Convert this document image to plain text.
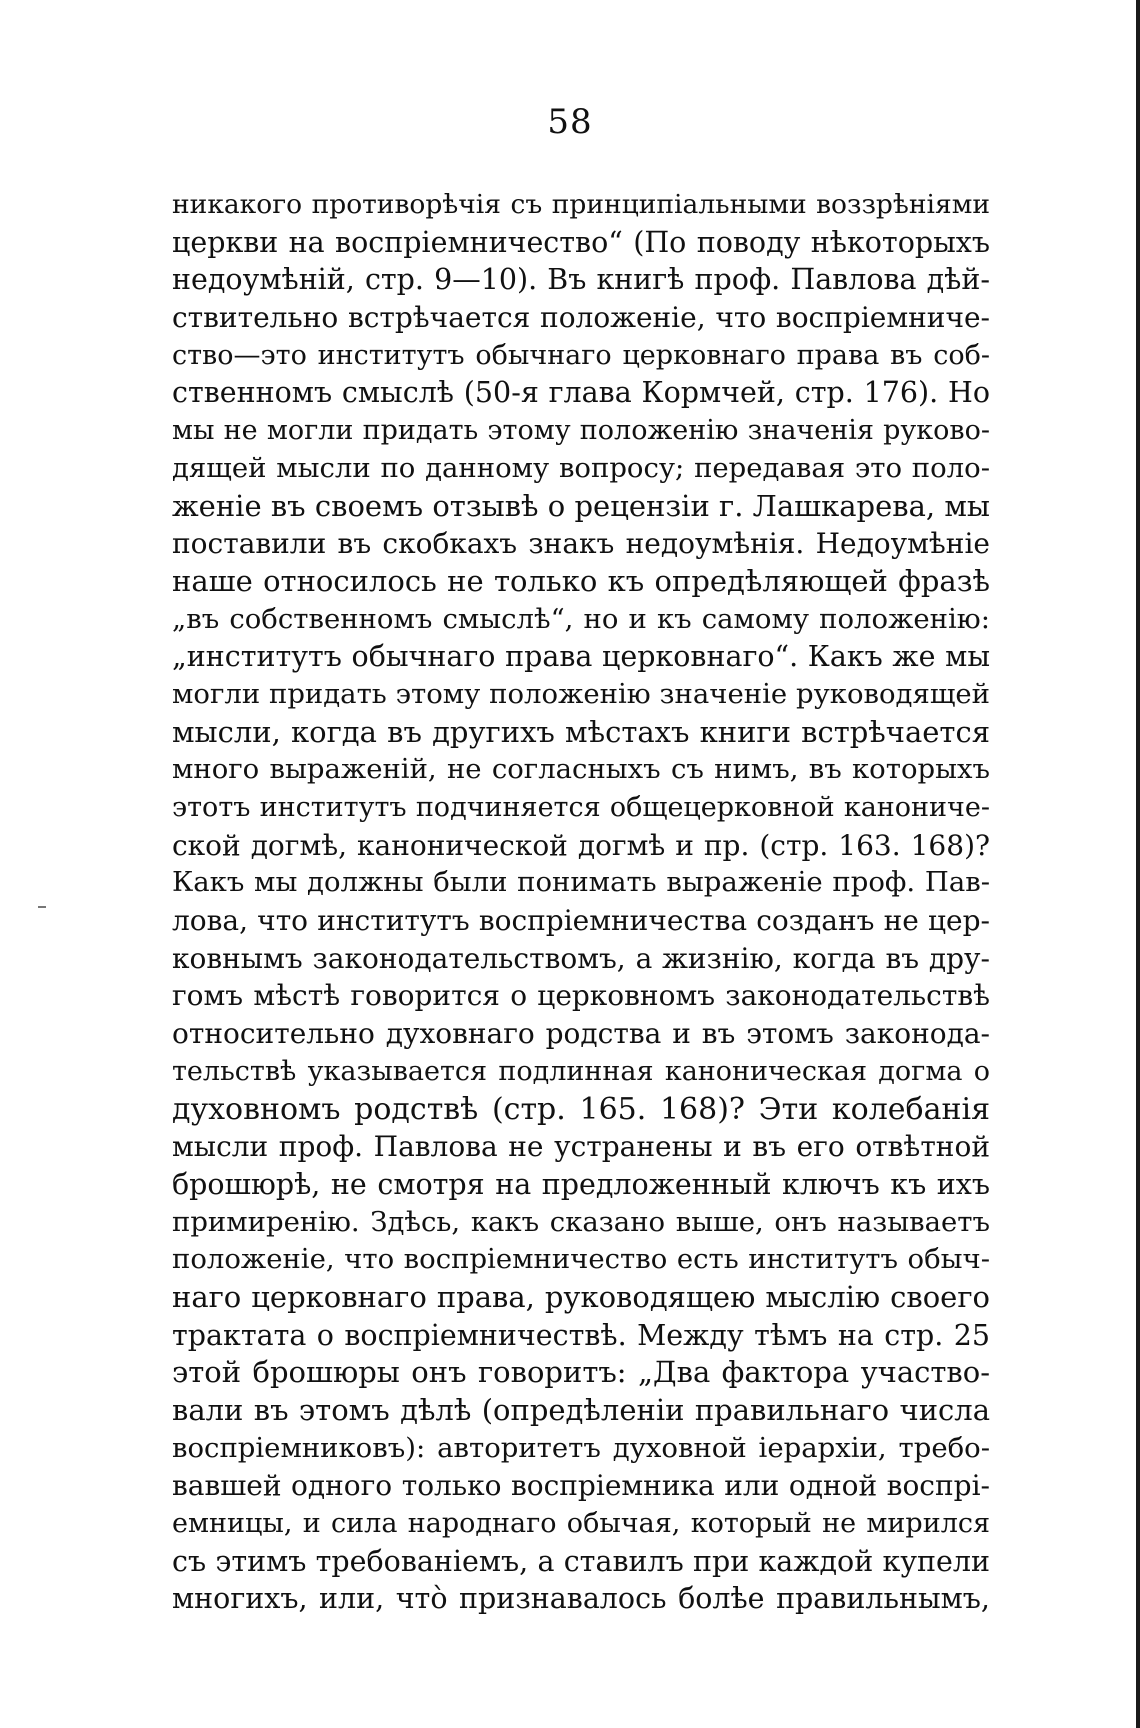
58
никакого противорѣчія съ принципіальными воззрѣніями
церкви на воспріемничество“ (По поводу нѣкоторыхъ
недоумѣній, стр. 9—10). Въ книгѣ проф. Павлова дѣй-
ствительно встрѣчается положеніе, что воспріемниче-
ство—это институтъ обычнаго церковнаго права въ соб-
ственномъ смыслѣ (50-я глава Кормчей, стр. 176). Но
мы не могли придать этому положенію значенія руково-
дящей мысли по данному вопросу; передавая это поло-
женіе въ своемъ отзывѣ о рецензіи г. Лашкарева, мы
поставили въ скобкахъ знакъ недоумѣнія. Недоумѣніе
наше относилось не только къ опредѣляющей фразѣ
„въ собственномъ смыслѣ“, но и къ самому положенію:
„институтъ обычнаго права церковнаго“. Какъ же мы
могли придать этому положенію значеніе руководящей
мысли, когда въ другихъ мѣстахъ книги встрѣчается
много выраженій, не согласныхъ съ нимъ, въ которыхъ
этотъ институтъ подчиняется общецерковной канониче-
ской догмѣ, канонической догмѣ и пр. (стр. 163. 168)?
Какъ мы должны были понимать выраженіе проф. Пав-
лова, что институтъ воспріемничества созданъ не цер-
ковнымъ законодательствомъ, а жизнію, когда въ дру-
гомъ мѣстѣ говорится о церковномъ законодательствѣ
относительно духовнаго родства и въ этомъ законода-
тельствѣ указывается подлинная каноническая догма о
духовномъ родствѣ (стр. 165. 168)? Эти колебанія
мысли проф. Павлова не устранены и въ его отвѣтной
брошюрѣ, не смотря на предложенный ключъ къ ихъ
примиренію. Здѣсь, какъ сказано выше, онъ называетъ
положеніе, что воспріемничество есть институтъ обыч-
наго церковнаго права, руководящею мыслію своего
трактата о воспріемничествѣ. Между тѣмъ на стр. 25
этой брошюры онъ говоритъ: „Два фактора участво-
вали въ этомъ дѣлѣ (опредѣленіи правильнаго числа
воспріемниковъ): авторитетъ духовной іерархіи, требо-
вавшей одного только воспріемника или одной воспрі-
емницы, и сила народнаго обычая, который не мирился
съ этимъ требованіемъ, а ставилъ при каждой купели
многихъ, или, что̀ признавалось болѣе правильнымъ,
